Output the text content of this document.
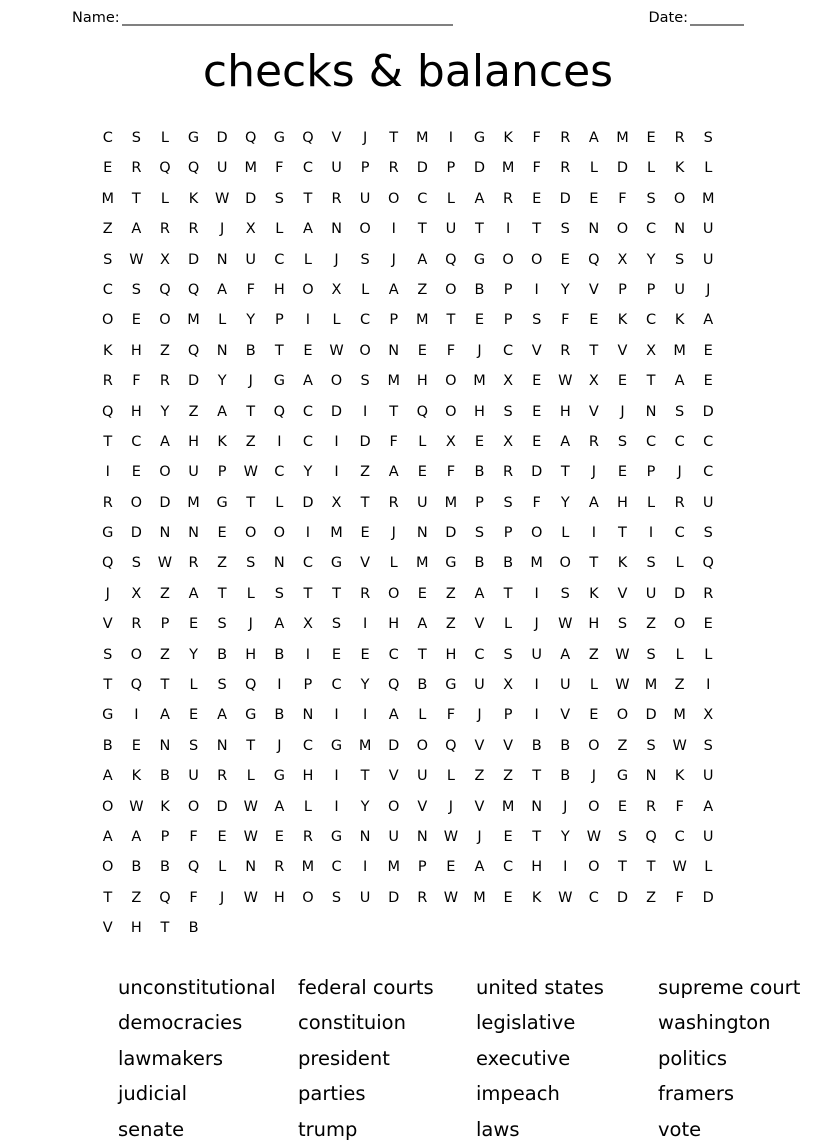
Name: _________________________________________________	Date: ________
checks & balances
C	S	L	G	D	Q	G	Q	V	J	T	M	I	G	K	F	R	A	M	E	R	S
E	R	Q	Q	U	M	F	C	U	P	R	D	P	D	M	F	R	L	D	L	K	L
M	T	L	K	W	D	S	T	R	U	O	C	L	A	R	E	D	E	F	S	O	M
Z	A	R	R	J	X	L	A	N	O	I	T	U	T	I	T	S	N	O	C	N	U
S	W	X	D	N	U	C	L	J	S	J	A	Q	G	O	O	E	Q	X	Y	S	U
C	S	Q	Q	A	F	H	O	X	L	A	Z	O	B	P	I	Y	V	P	P	U	J
O	E	O	M	L	Y	P	I	L	C	P	M	T	E	P	S	F	E	K	C	K	A
K	H	Z	Q	N	B	T	E	W	O	N	E	F	J	C	V	R	T	V	X	M	E
R	F	R	D	Y	J	G	A	O	S	M	H	O	M	X	E	W	X	E	T	A	E
Q	H	Y	Z	A	T	Q	C	D	I	T	Q	O	H	S	E	H	V	J	N	S	D
T	C	A	H	K	Z	I	C	I	D	F	L	X	E	X	E	A	R	S	C	C	C
I	E	O	U	P	W	C	Y	I	Z	A	E	F	B	R	D	T	J	E	P	J	C
R	O	D	M	G	T	L	D	X	T	R	U	M	P	S	F	Y	A	H	L	R	U
G	D	N	N	E	O	O	I	M	E	J	N	D	S	P	O	L	I	T	I	C	S
Q	S	W	R	Z	S	N	C	G	V	L	M	G	B	B	M	O	T	K	S	L	Q
J	X	Z	A	T	L	S	T	T	R	O	E	Z	A	T	I	S	K	V	U	D	R
V	R	P	E	S	J	A	X	S	I	H	A	Z	V	L	J	W	H	S	Z	O	E
S	O	Z	Y	B	H	B	I	E	E	C	T	H	C	S	U	A	Z	W	S	L	L
T	Q	T	L	S	Q	I	P	C	Y	Q	B	G	U	X	I	U	L	W	M	Z	I
G	I	A	E	A	G	B	N	I	I	A	L	F	J	P	I	V	E	O	D	M	X
B	E	N	S	N	T	J	C	G	M	D	O	Q	V	V	B	B	O	Z	S	W	S
A	K	B	U	R	L	G	H	I	T	V	U	L	Z	Z	T	B	J	G	N	K	U
O	W	K	O	D	W	A	L	I	Y	O	V	J	V	M	N	J	O	E	R	F	A
A	A	P	F	E	W	E	R	G	N	U	N	W	J	E	T	Y	W	S	Q	C	U
O	B	B	Q	L	N	R	M	C	I	M	P	E	A	C	H	I	O	T	T	W	L
T	Z	Q	F	J	W	H	O	S	U	D	R	W	M	E	K	W	C	D	Z	F	D
V	H	T	B
unconstitutional	federal courts	united states	supreme court
democracies	constituion	legislative	washington
lawmakers	president	executive	politics
judicial	parties	impeach	framers
senate	trump	laws	vote
